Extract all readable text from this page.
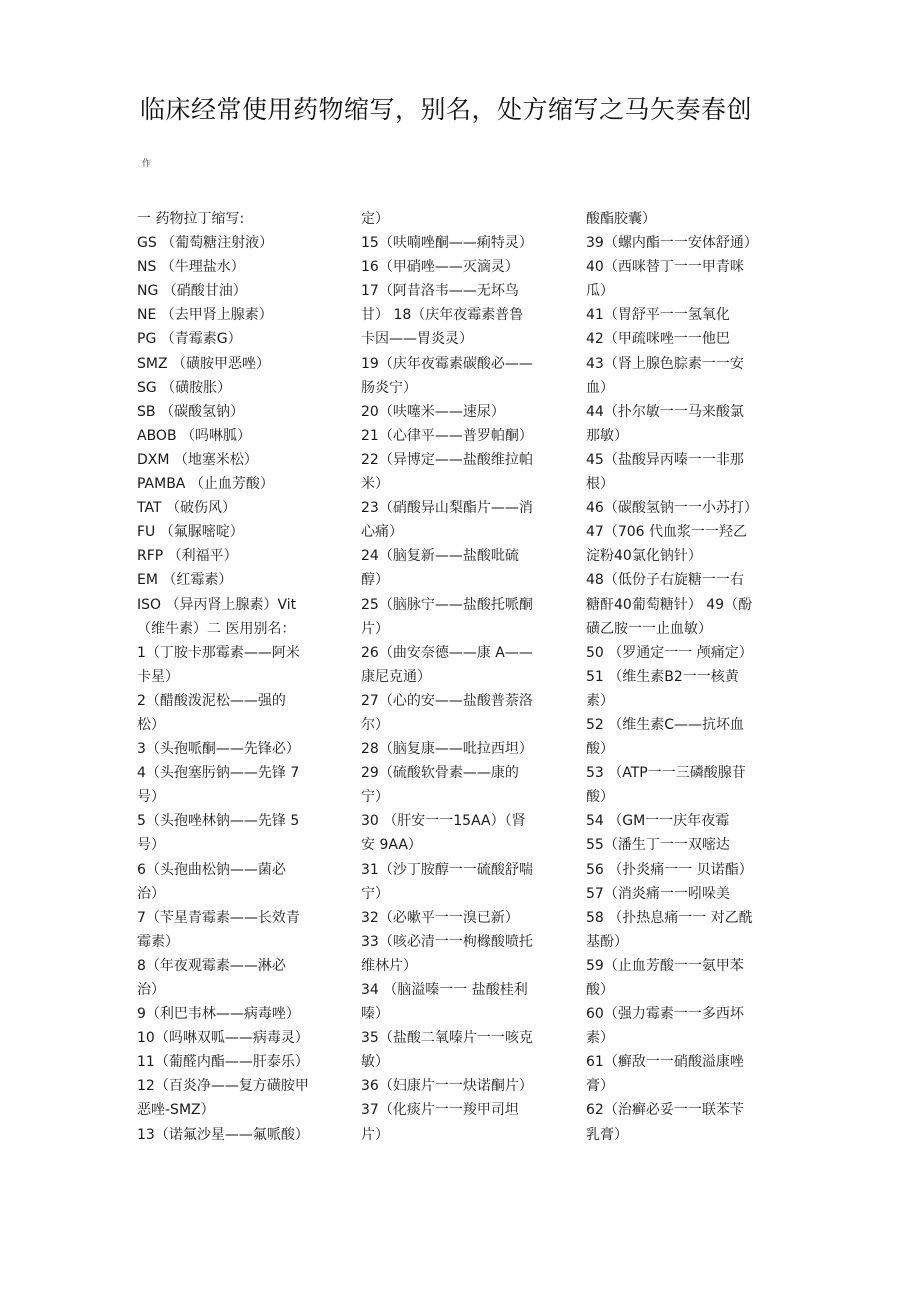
临床经常使用药物缩写，别名，处方缩写之马矢奏春创
作
一 药物拉丁缩写:
GS （葡萄糖注射液）
NS （牛理盐水）
NG （硝酸甘油）
NE （去甲肾上腺素）
PG （青霉素G）
SMZ （磺胺甲恶唑）
SG （磺胺胀）
SB （碳酸氢钠）
ABOB （吗啉胍）
DXM （地塞米松）
PAMBA （止血芳酸）
TAT （破伤风）
FU （氟脲嘧啶）
RFP （利福平）
EM （红霉素）
ISO （异丙肾上腺素）Vit
（维牛素）二 医用别名：
1（丁胺卡那霉素——阿米
卡星）
2（醋酸泼泥松——强的
松）
3（头孢哌酮——先锋必）
4（头孢塞肟钠——先锋 7
号）
5（头孢唑林钠——先锋 5
号）
6（头孢曲松钠——菌必
治）
7（苄星青霉素——长效青
霉素）
8（年夜观霉素——淋必
治）
9（利巴韦林——病毒唑）
10（吗啉双呱——病毒灵）
11（葡醛内酯——肝泰乐）
12（百炎净——复方磺胺甲
恶唑-SMZ）
13（诺氟沙星——氟哌酸）
定）
15（呋喃唑酮——痢特灵）
16（甲硝唑——灭滴灵）
17（阿昔洛韦——无坏鸟
甘） 18（庆年夜霉素普鲁
卡因——胃炎灵）
19（庆年夜霉素碳酸必——
肠炎宁）
20（呋噻米——速尿）
21（心律平——普罗帕酮）
22（异博定——盐酸维拉帕
米）
23（硝酸异山梨酯片——消
心痛）
24（脑复新——盐酸吡硫
醇）
25（脑脉宁——盐酸托哌酮
片）
26（曲安奈德——康 A——
康尼克通）
27（心的安——盐酸普萘洛
尔）
28（脑复康——吡拉西坦）
29（硫酸软骨素——康的
宁）
30 （肝安一一15AA）（肾
安 9AA）
31（沙丁胺醇一一硫酸舒喘
宁）
32（必嗽平一一溴已新）
33（咳必清一一枸橼酸喷托
维林片）
34 （脑溢嗪一一 盐酸桂利
嗪）
35（盐酸二氧嗪片一一咳克
敏）
36（妇康片一一炔诺酮片）
37（化痰片一一羧甲司坦
片）
酸酯胶囊）
39（螺内酯一一安体舒通）
40（西咪替丁一一甲青咪
瓜）
41（胃舒平一一氢氧化
42（甲疏咪唑一一他巴
43（肾上腺色腙素一一安
血）
44（扑尔敏一一马来酸氯
那敏）
45（盐酸异丙嗪一一非那
根）
46（碳酸氢钠一一小苏打）
47（706 代血浆一一羟乙
淀粉40氯化钠针）
48（低份子右旋糖一一右
糖酐40葡萄糖针） 49（酚
磺乙胺一一止血敏）
50 （罗通定一一 颅痛定）
51 （维生素B2一一核黄
素）
52 （维生素C——抗坏血
酸）
53 （ATP一一三磷酸腺苷
酸）
54 （GM一一庆年夜霉
55（潘生丁一一双嘧达
56 （扑炎痛一一 贝诺酯）
57（消炎痛一一吲哚美
58 （扑热息痛一一 对乙酰
基酚）
59（止血芳酸一一氨甲苯
酸）
60（强力霉素一一多西坏
素）
61（癣敌一一硝酸溢康唑
膏）
62（治癣必妥一一联苯苄
乳膏）
